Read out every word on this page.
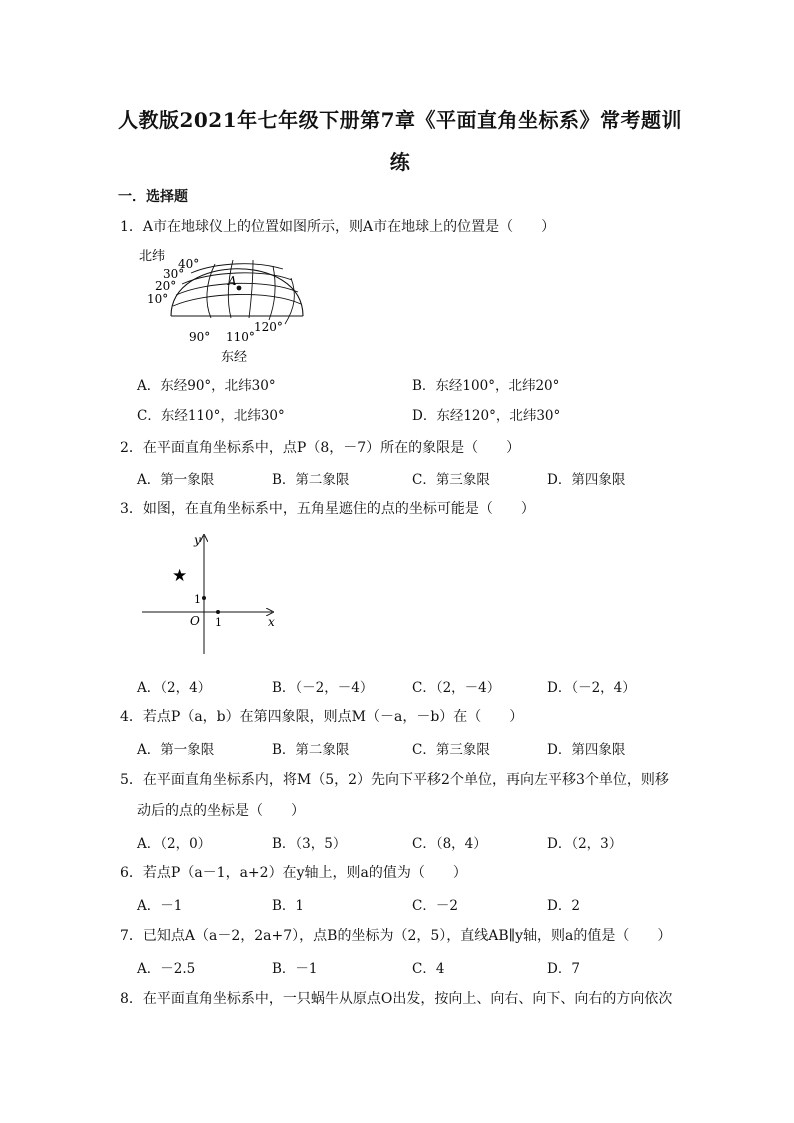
人教版2021年七年级下册第7章《平面直角坐标系》常考题训
练
一．选择题
1．A市在地球仪上的位置如图所示，则A市在地球上的位置是（　　）
北纬 40°
30°
20°
10°
A
90° 110°
120°
东经
A．东经90°，北纬30°	B．东经100°，北纬20°
C．东经110°，北纬30°	D．东经120°，北纬30°
2．在平面直角坐标系中，点P（8，－7）所在的象限是（　　）
A．第一象限	B．第二象限	C．第三象限	D．第四象限
3．如图，在直角坐标系中，五角星遮住的点的坐标可能是（　　）
y
x
O
1
1
★
A．（2，4）	B．（－2，－4）	C．（2，－4）	D．（－2，4）
4．若点P（a，b）在第四象限，则点M（－a，－b）在（　　）
A．第一象限	B．第二象限	C．第三象限	D．第四象限
5．在平面直角坐标系内，将M（5，2）先向下平移2个单位，再向左平移3个单位，则移
动后的点的坐标是（　　）
A．（2，0）	B．（3，5）	C．（8，4）	D．（2，3）
6．若点P（a－1，a+2）在y轴上，则a的值为（　　）
A．－1	B．1	C．－2	D．2
7．已知点A（a－2，2a+7），点B的坐标为（2，5），直线AB∥y轴，则a的值是（　　）
A．－2.5	B．－1	C．4	D．7
8．在平面直角坐标系中，一只蜗牛从原点O出发，按向上、向右、向下、向右的方向依次
